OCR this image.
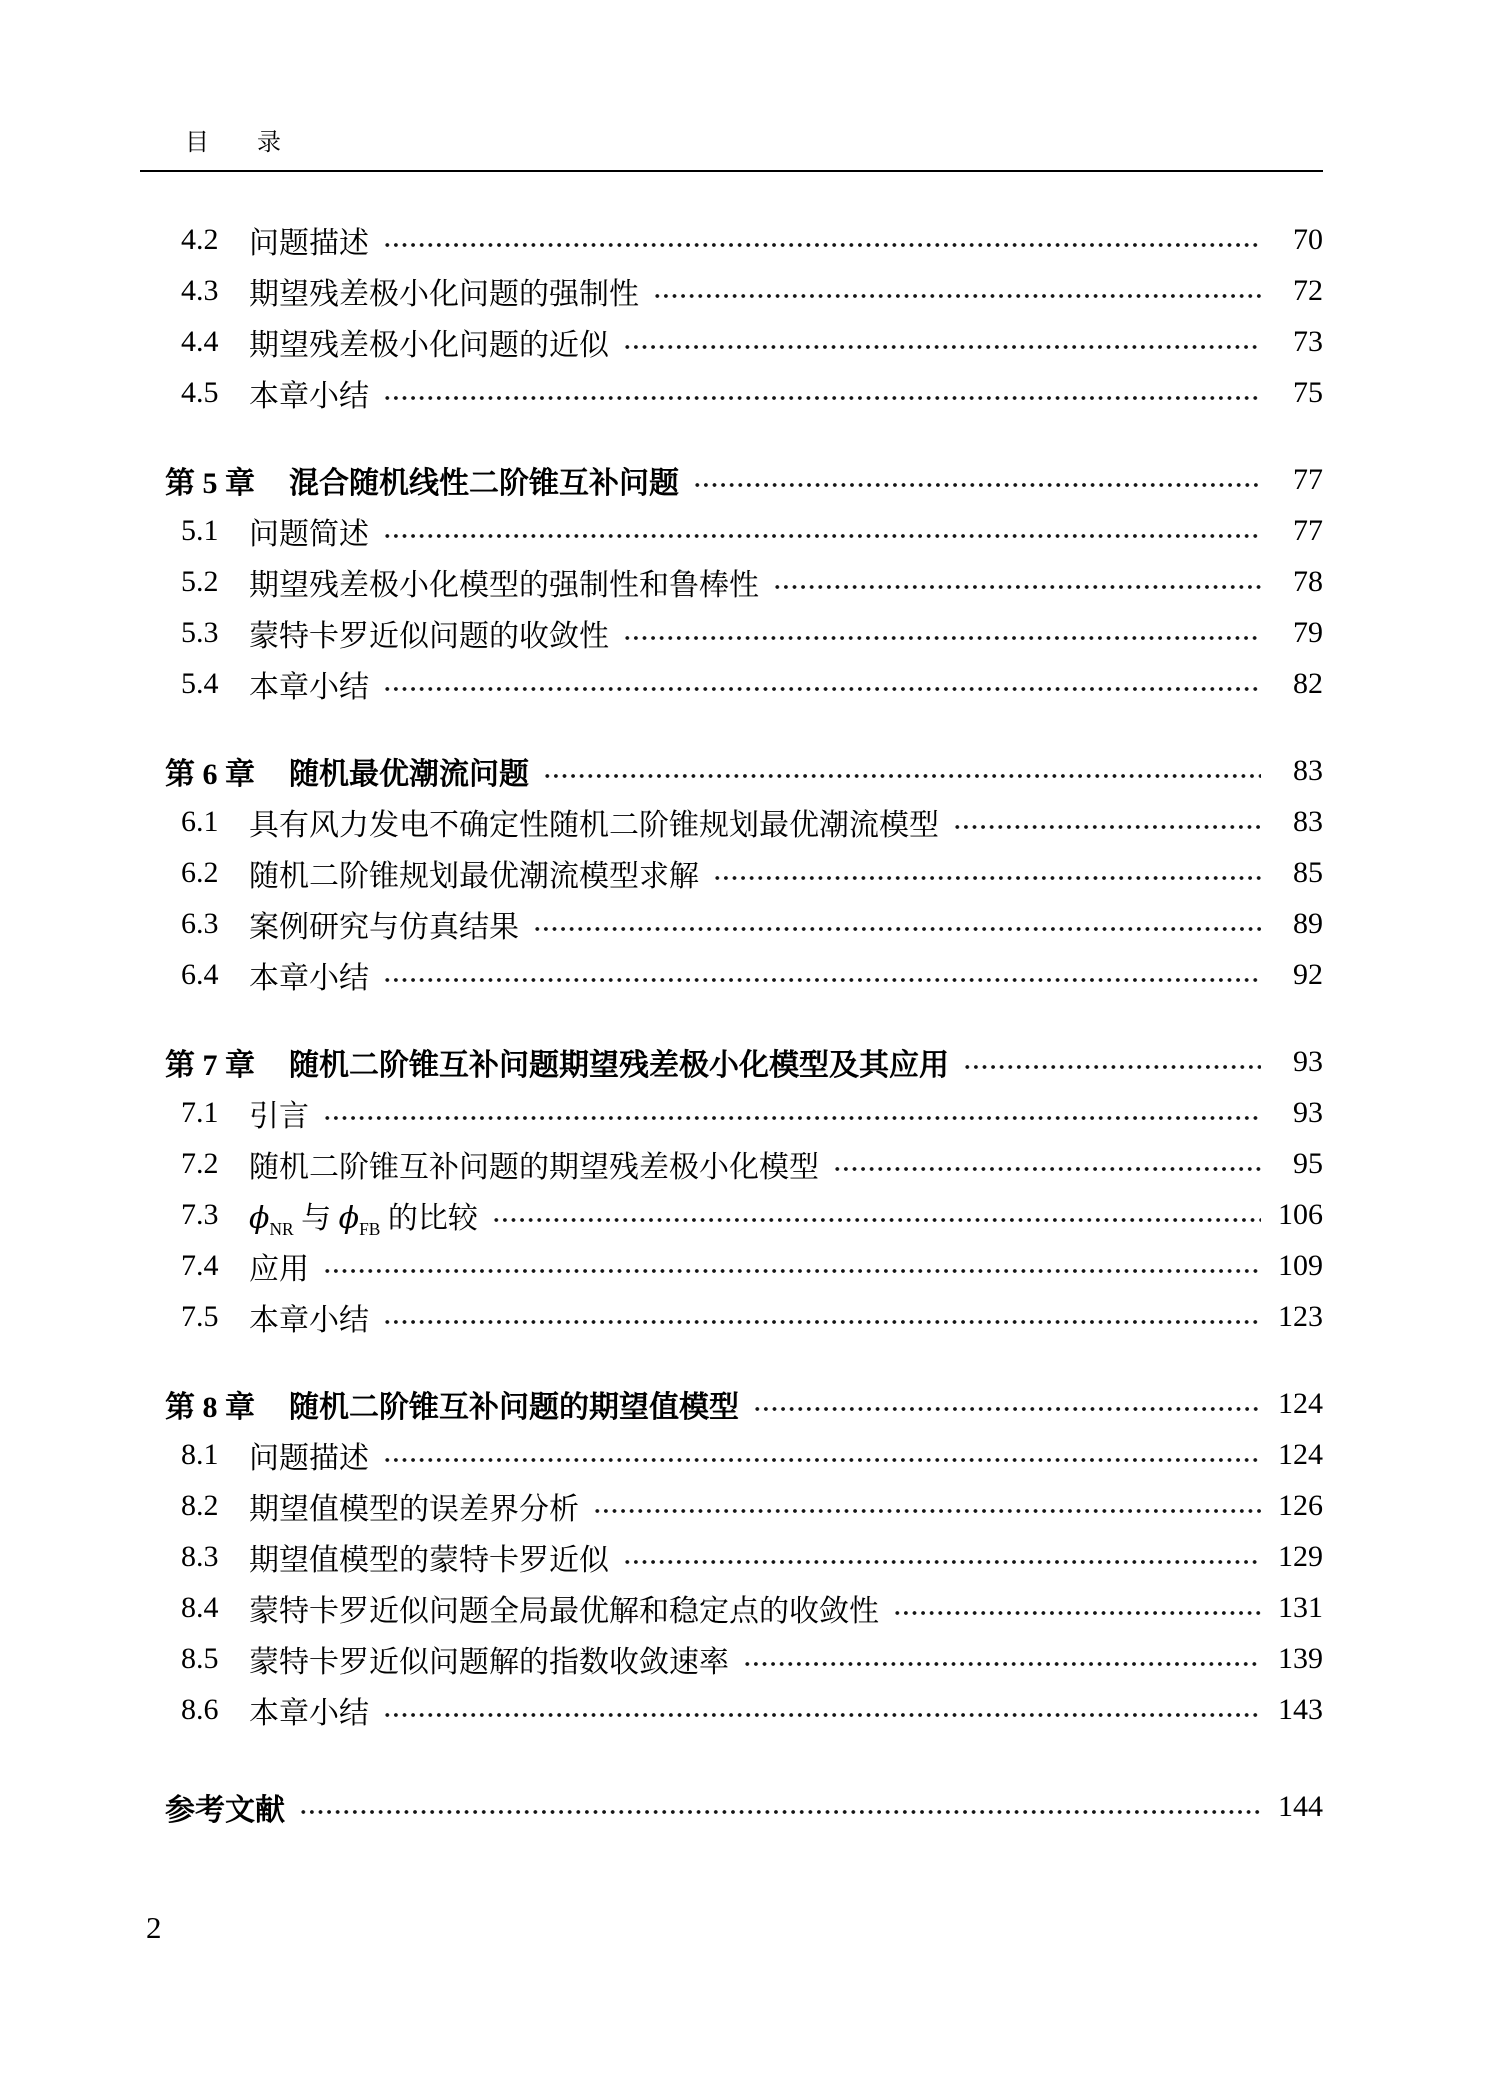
目　　录
4.2 问题描述	70
4.3 期望残差极小化问题的强制性	72
4.4 期望残差极小化问题的近似	73
4.5 本章小结	75
第 5 章 混合随机线性二阶锥互补问题	77
5.1 问题简述	77
5.2 期望残差极小化模型的强制性和鲁棒性	78
5.3 蒙特卡罗近似问题的收敛性	79
5.4 本章小结	82
第 6 章 随机最优潮流问题	83
6.1 具有风力发电不确定性随机二阶锥规划最优潮流模型	83
6.2 随机二阶锥规划最优潮流模型求解	85
6.3 案例研究与仿真结果	89
6.4 本章小结	92
第 7 章 随机二阶锥互补问题期望残差极小化模型及其应用	93
7.1 引言	93
7.2 随机二阶锥互补问题的期望残差极小化模型	95
7.3 $\phi_{NR}$ 与 $\phi_{FB}$ 的比较	106
7.4 应用	109
7.5 本章小结	123
第 8 章 随机二阶锥互补问题的期望值模型	124
8.1 问题描述	124
8.2 期望值模型的误差界分析	126
8.3 期望值模型的蒙特卡罗近似	129
8.4 蒙特卡罗近似问题全局最优解和稳定点的收敛性	131
8.5 蒙特卡罗近似问题解的指数收敛速率	139
8.6 本章小结	143
参考文献	144
2
